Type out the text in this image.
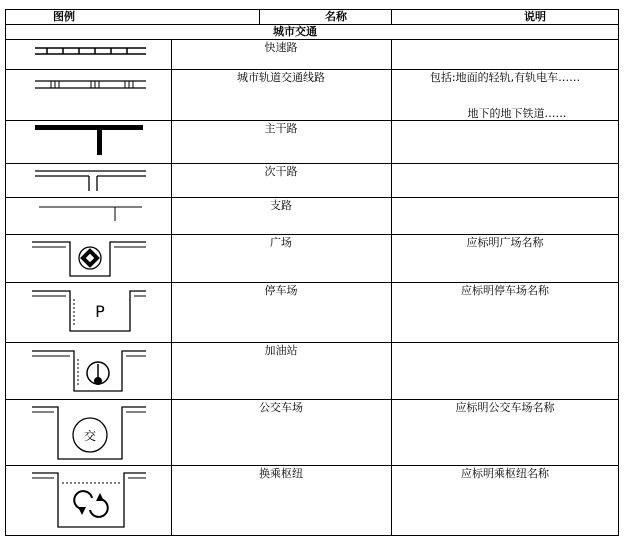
图例	名称	说明
城市交通
快速路
城市轨道交通线路
主干路
次干路
支路
广场
停车场
加油站
公交车场
换乘枢纽
包括:地面的轻轨,有轨电车……
地下的地下铁道……
应标明广场名称
应标明停车场名称
应标明公交车场名称
应标明乘枢纽名称
P
交
